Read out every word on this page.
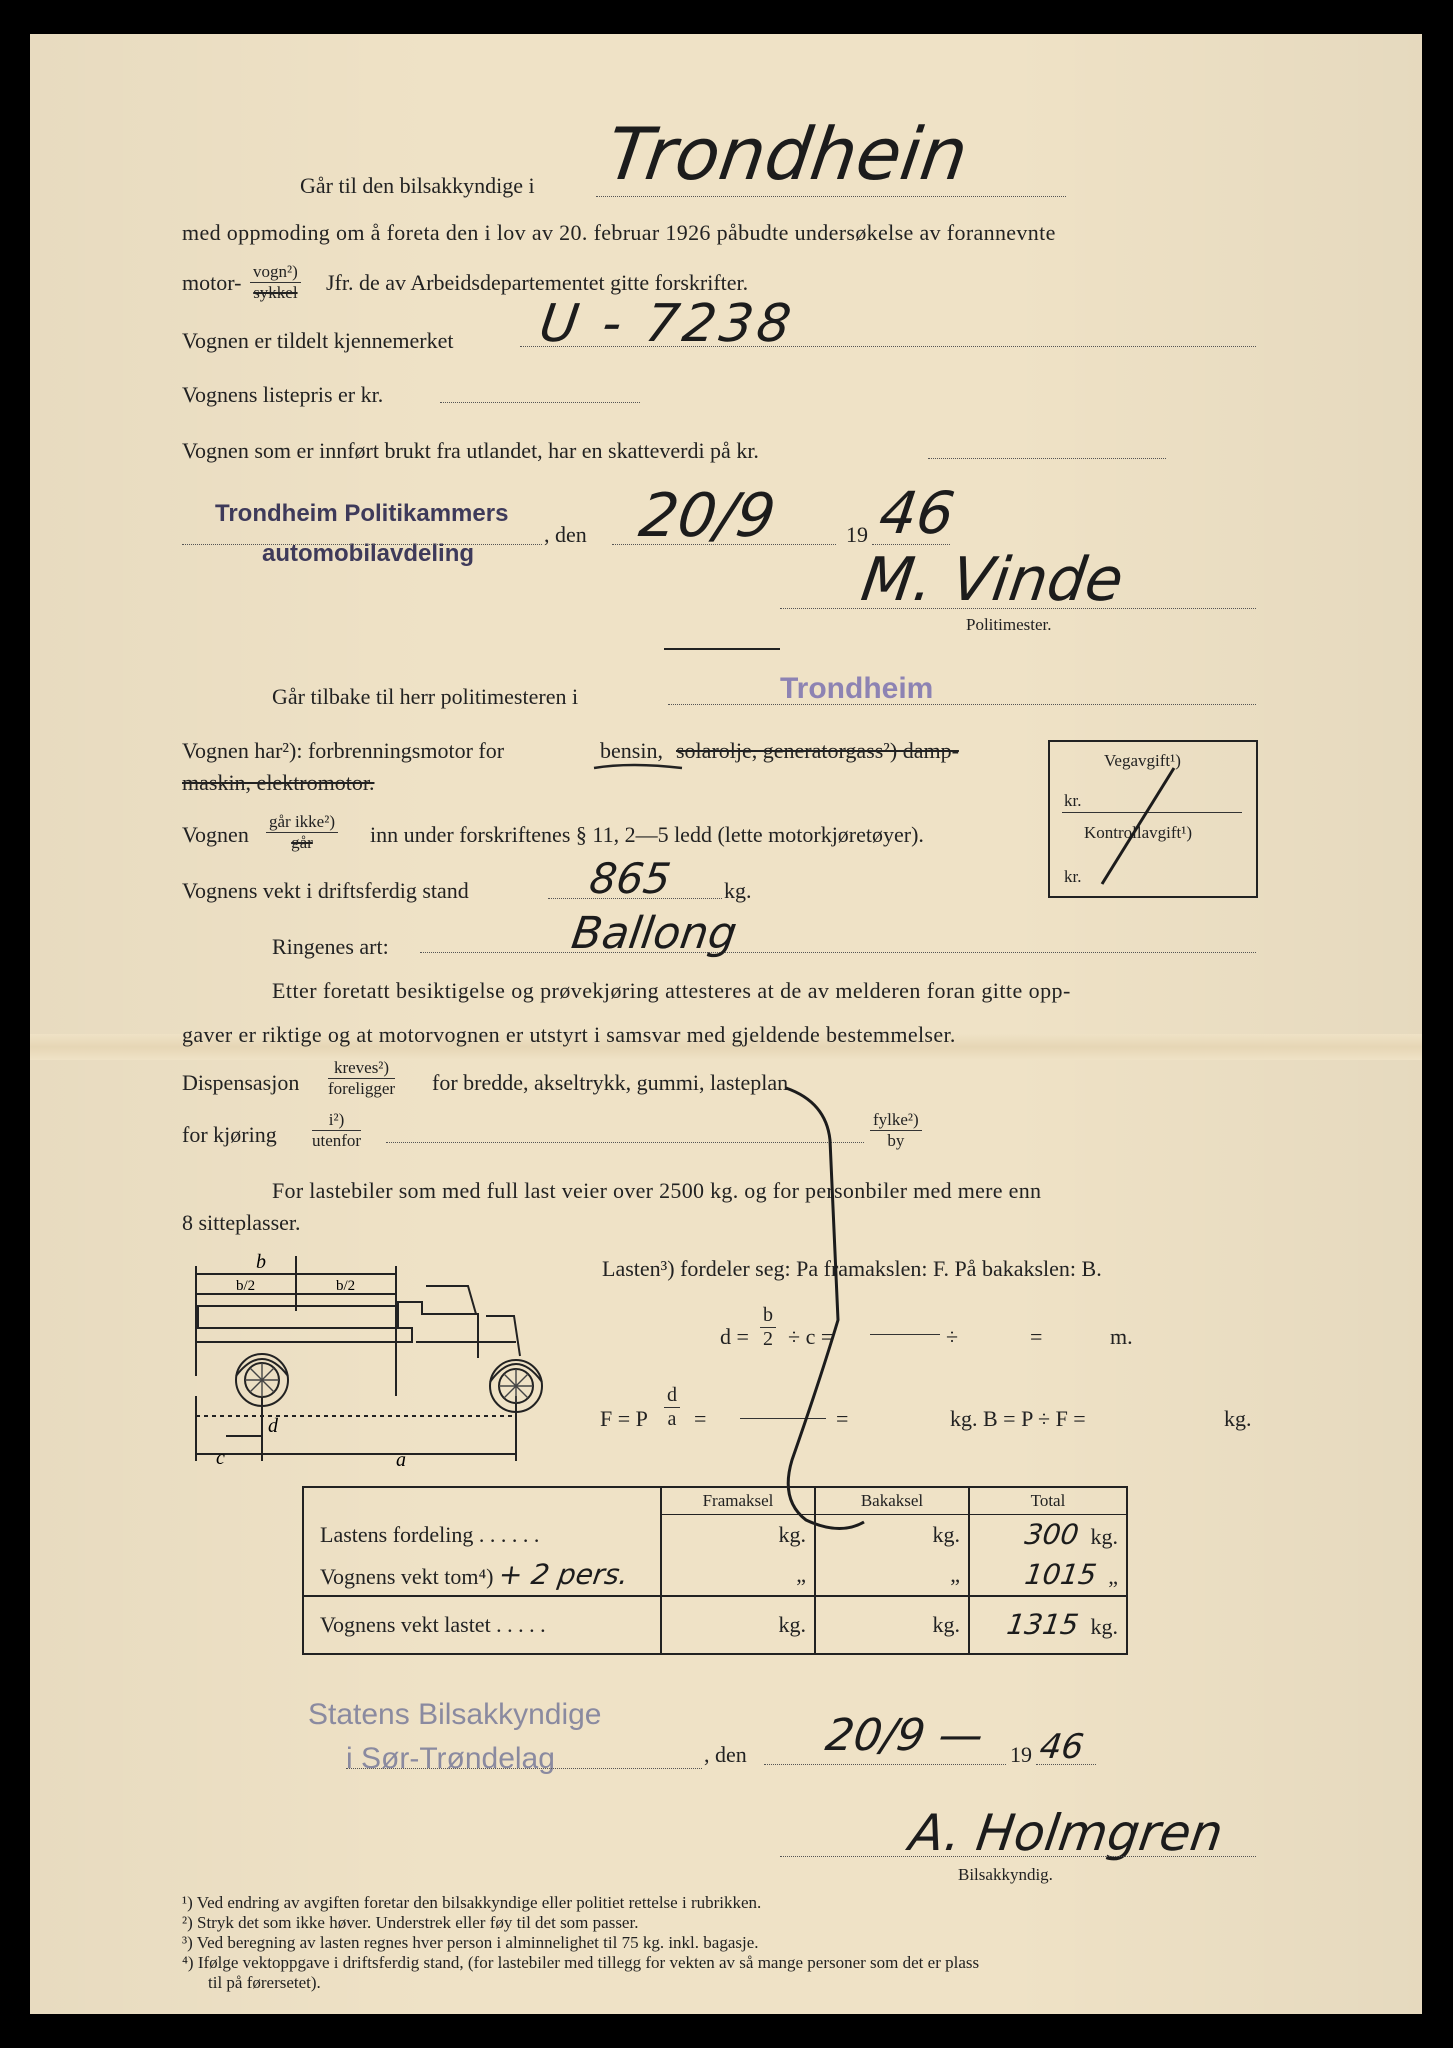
Går til den bilsakkyndige i Trondhein
med oppmoding om å foreta den i lov av 20. februar 1926 påbudte undersøkelse av forannevnte
motor- vogn²)
sykkel Jfr. de av Arbeidsdepartementet gitte forskrifter.
Vognen er tildelt kjennemerket U - 7238
Vognens listepris er kr.
Vognen som er innført brukt fra utlandet, har en skatteverdi på kr.
Trondheim Politikammers
automobilavdeling
, den 20/9	19 46
M. Vinde
Politimester.
Går tilbake til herr politimesteren i	Trondheim
Vognen har²): forbrenningsmotor for	bensin, solarolje, generatorgass²) damp-
maskin, elektromotor.
Vegavgift¹)
kr.
Kontrollavgift¹)
kr.
Vognen
går ikke²)
går	inn under forskriftenes § 11, 2—5 ledd (lette motorkjøretøyer).
Vognens vekt i driftsferdig stand	865 kg.
Ringenes art:	Ballong
Etter foretatt besiktigelse og prøvekjøring attesteres at de av melderen foran gitte opp-
gaver er riktige og at motorvognen er utstyrt i samsvar med gjeldende bestemmelser.
Dispensasjon
kreves²)
foreligger for bredde, akseltrykk, gummi, lasteplan
for kjøring
i²)
utenfor
fylke²)
by
For lastebiler som med full last veier over 2500 kg. og for personbiler med mere enn
8 sitteplasser.
b
b/2	b/2
c
d
a
Lasten³) fordeler seg: Pa framakslen: F. På bakakslen: B.
$d = \frac{b}{2} \div c$ =	÷	=	m.
F = P $\frac{d}{a}$ =	=	kg. B = P ÷ F =	kg.
	Framaksel	Bakaksel	Total
Lastens fordeling . . . . . .	kg.	kg.	300 kg.
Vognens vekt tom⁴) + 2 pers.	„	„	1015 „
Vognens vekt lastet . . . . .	kg.	kg.	1315 kg.
Statens Bilsakkyndige
i Sør-Trøndelag	, den 20/9 — 19 46
A. Holmgren
Bilsakkyndig.
¹) Ved endring av avgiften foretar den bilsakkyndige eller politiet rettelse i rubrikken.
²) Stryk det som ikke høver. Understrek eller føy til det som passer.
³) Ved beregning av lasten regnes hver person i alminnelighet til 75 kg. inkl. bagasje.
⁴) Ifølge vektoppgave i driftsferdig stand, (for lastebiler med tillegg for vekten av så mange personer som det er plass
til på førersetet).
